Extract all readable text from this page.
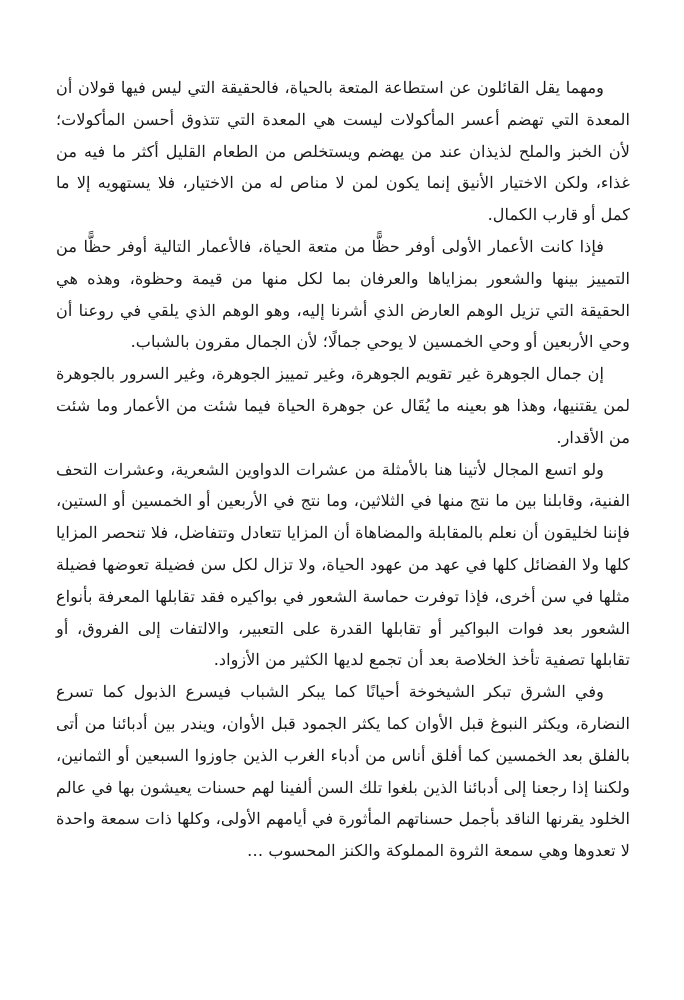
ومهما يقل القائلون عن استطاعة المتعة بالحياة، فالحقيقة التي ليس فيها قولان أن المعدة التي تهضم أعسر المأكولات ليست هي المعدة التي تتذوق أحسن المأكولات؛ لأن الخبز والملح لذيذان عند من يهضم ويستخلص من الطعام القليل أكثر ما فيه من غذاء، ولكن الاختيار الأنيق إنما يكون لمن لا مناص له من الاختيار، فلا يستهويه إلا ما كمل أو قارب الكمال.

فإذا كانت الأعمار الأولى أوفر حظًّا من متعة الحياة، فالأعمار التالية أوفر حظًّا من التمييز بينها والشعور بمزاياها والعرفان بما لكل منها من قيمة وحظوة، وهذه هي الحقيقة التي تزيل الوهم العارض الذي أشرنا إليه، وهو الوهم الذي يلقي في روعنا أن وحي الأربعين أو وحي الخمسين لا يوحي جمالًا؛ لأن الجمال مقرون بالشباب.

إن جمال الجوهرة غير تقويم الجوهرة، وغير تمييز الجوهرة، وغير السرور بالجوهرة لمن يقتنيها، وهذا هو بعينه ما يُقَال عن جوهرة الحياة فيما شئت من الأعمار وما شئت من الأقدار.

ولو اتسع المجال لأتينا هنا بالأمثلة من عشرات الدواوين الشعرية، وعشرات التحف الفنية، وقابلنا بين ما نتج منها في الثلاثين، وما نتج في الأربعين أو الخمسين أو الستين، فإننا لخليقون أن نعلم بالمقابلة والمضاهاة أن المزايا تتعادل وتتفاضل، فلا تنحصر المزايا كلها ولا الفضائل كلها في عهد من عهود الحياة، ولا تزال لكل سن فضيلة تعوضها فضيلة مثلها في سن أخرى، فإذا توفرت حماسة الشعور في بواكيره فقد تقابلها المعرفة بأنواع الشعور بعد فوات البواكير أو تقابلها القدرة على التعبير، والالتفات إلى الفروق، أو تقابلها تصفية تأخذ الخلاصة بعد أن تجمع لديها الكثير من الأزواد.

وفي الشرق تبكر الشيخوخة أحيانًا كما يبكر الشباب فيسرع الذبول كما تسرع النضارة، ويكثر النبوغ قبل الأوان كما يكثر الجمود قبل الأوان، ويندر بين أدبائنا من أتى بالفلق بعد الخمسين كما أفلق أناس من أدباء الغرب الذين جاوزوا السبعين أو الثمانين، ولكننا إذا رجعنا إلى أدبائنا الذين بلغوا تلك السن ألفينا لهم حسنات يعيشون بها في عالم الخلود يقرنها الناقد بأجمل حسناتهم المأثورة في أيامهم الأولى، وكلها ذات سمعة واحدة لا تعدوها وهي سمعة الثروة المملوكة والكنز المحسوب …
